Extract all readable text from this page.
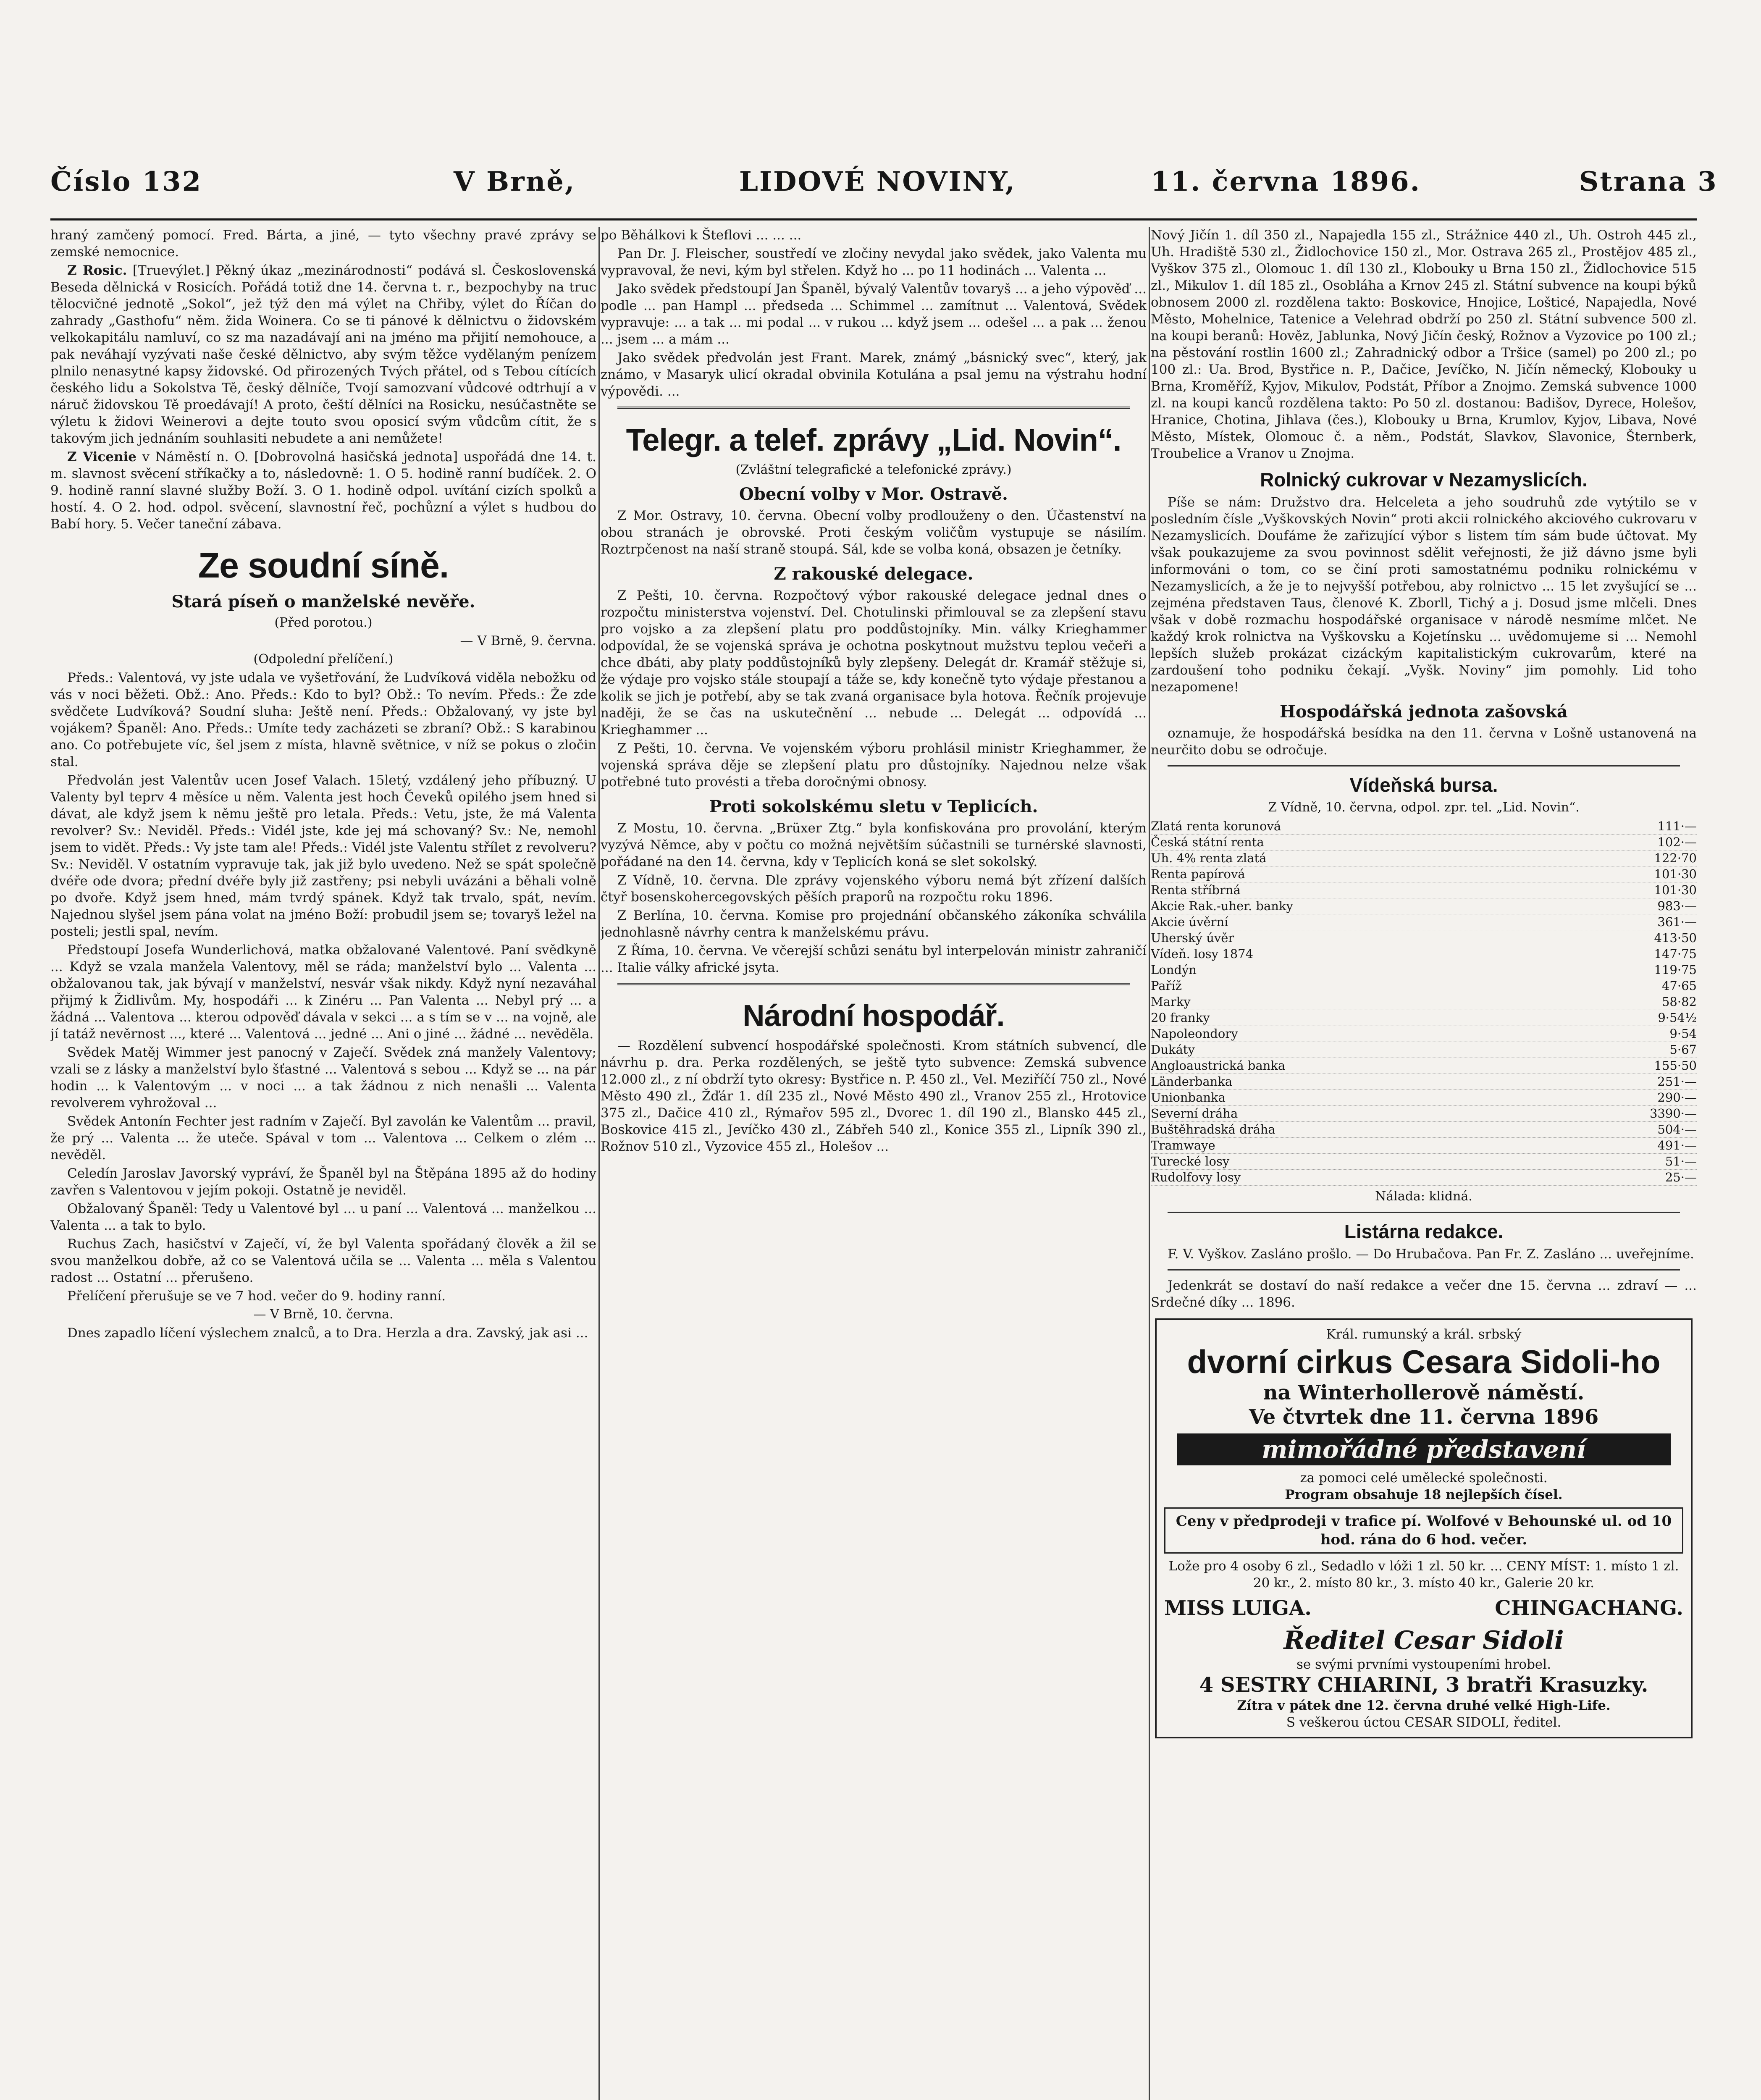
Číslo 132	V Brně,	LIDOVÉ NOVINY,	11. června 1896.	Strana 3

hraný zamčený pomocí. Fred. Bárta, a jiné, — tyto všechny pravé zprávy se zemské nemocnice.

Z Rosic. [Truevýlet.] Pěkný úkaz „mezinárodnosti“ podává sl. Československá Beseda dělnická v Rosicích. Pořádá totiž dne 14. června t. r., bezpochyby na truc tělocvičné jednotě „Sokol“, jež týž den má výlet na Chřiby, výlet do Říčan do zahrady „Gasthofu“ něm. žida Woinera. Co se ti pánové k dělnictvu o židovském velkokapitálu namluví, co sz ma nazadávají ani na jméno ma přijití nemohouce, a pak neváhají vyzývati naše české dělnictvo, aby svým těžce vydělaným penízem plnilo nenasytné kapsy židovské. Od přirozených Tvých přátel, od s Tebou cítících českého lidu a Sokolstva Tě, český dělníče, Tvojí samozvaní vůdcové odtrhují a v náruč židovskou Tě proedávají! A proto, čeští dělníci na Rosicku, nesúčastněte se výletu k židovi Weinerovi a dejte touto svou oposicí svým vůdcům cítit, že s takovým jich jednáním souhlasiti nebudete a ani nemůžete!

Z Vicenie v Náměstí n. O. [Dobrovolná hasičská jednota] uspořádá dne 14. t. m. slavnost svěcení stříkačky a to, následovně: 1. O 5. hodině ranní budíček. 2. O 9. hodině ranní slavné služby Boží. 3. O 1. hodině odpol. uvítání cizích spolků a hostí. 4. O 2. hod. odpol. svěcení, slavnostní řeč, pochůzní a výlet s hudbou do Babí hory. 5. Večer taneční zábava.

Ze soudní síně.
Stará píseň o manželské nevěře.
(Před porotou.)

— V Brně, 9. června.

(Odpolední přelíčení.)

Předs.: Valentová, vy jste udala ve vyšetřování, že Ludvíková viděla nebožku od vás v noci běžeti. Obž.: Ano. Předs.: Kdo to byl? Obž.: To nevím. Předs.: Že zde svědčete Ludvíková? Soudní sluha: Ještě není. Předs.: Obžalovaný, vy jste byl vojákem? Španěl: Ano. Předs.: Umíte tedy zacházeti se zbraní? Obž.: S karabinou ano. Co potřebujete víc, šel jsem z místa, hlavně světnice, v níž se pokus o zločin stal.

Předvolán jest Valentův ucen Josef Valach. 15letý, vzdálený jeho příbuzný. U Valenty byl teprv 4 měsíce u něm. Valenta jest hoch Čeveků opilého jsem hned si dávat, ale když jsem k němu ještě pro letala. Předs.: Vetu, jste, že má Valenta revolver? Sv.: Neviděl. Předs.: Vidél jste, kde jej má schovaný? Sv.: Ne, nemohl jsem to vidět. Předs.: Vy jste tam ale! Předs.: Vidél jste Valentu střílet z revolveru? Sv.: Neviděl. V ostatním vypravuje tak, jak již bylo uvedeno. Než se spát společně dvéře ode dvora; přední dvéře byly již zastřeny; psi nebyli uvázáni a běhali volně po dvoře. Když jsem hned, mám tvrdý spánek. Když tak trvalo, spát, nevím. Najednou slyšel jsem pána volat na jméno Boží: probudil jsem se; tovaryš ležel na posteli; jestli spal, nevím.

Předstoupí Josefa Wunderlichová, matka obžalované Valentové. Paní svědkyně ... Když se vzala manžela Valentovy, měl se ráda; manželství bylo ... Valenta ... obžalovanou tak, jak bývají v manželství, nesvár však nikdy. Když nyní nezaváhal přijmý k Židlivům. My, hospodáři ... k Zinéru ... Pan Valenta ... Nebyl prý ... a žádná ... Valentova ... kterou odpověď dávala v sekci ... a s tím se v ... na vojně, ale jí tatáž nevěrnost ..., které ... Valentová ... jedné ... Ani o jiné ... žádné ... nevěděla.

Svědek Matěj Wimmer jest panocný v Zaječí. Svědek zná manžely Valentovy; vzali se z lásky a manželství bylo šťastné ... Valentová s sebou ... Když se ... na pár hodin ... k Valentovým ... v noci ... a tak žádnou z nich nenašli ... Valenta revolverem vyhrožoval ...

Svědek Antonín Fechter jest radním v Zaječí. Byl zavolán ke Valentům ... pravil, že prý ... Valenta ... že uteče. Spával v tom ... Valentova ... Celkem o zlém ... nevěděl.

Celedín Jaroslav Javorský vypráví, že Španěl byl na Štěpána 1895 až do hodiny zavřen s Valentovou v jejím pokoji. Ostatně je neviděl.

Obžalovaný Španěl: Tedy u Valentové byl ... u paní ... Valentová ... manželkou ... Valenta ... a tak to bylo.

Ruchus Zach, hasičství v Zaječí, ví, že byl Valenta spořádaný člověk a žil se svou manželkou dobře, až co se Valentová učila se ... Valenta ... měla s Valentou radost ... Ostatní ... přerušeno.

Přelíčení přerušuje se ve 7 hod. večer do 9. hodiny ranní.

— V Brně, 10. června.

Dnes zapadlo líčení výslechem znalců, a to Dra. Herzla a dra. Zavský, jak asi ...

po Běhálkovi k Šteflovi ... ... ...

Pan Dr. J. Fleischer, soustředí ve zločiny nevydal jako svědek, jako Valenta mu vypravoval, že nevi, kým byl střelen. Když ho ... po 11 hodinách ... Valenta ...

Jako svědek předstoupí Jan Španěl, bývalý Valentův tovaryš ... a jeho výpověď ... podle ... pan Hampl ... předseda ... Schimmel ... zamítnut ... Valentová, Svědek vypravuje: ... a tak ... mi podal ... v rukou ... když jsem ... odešel ... a pak ... ženou ... jsem ... a mám ...

Jako svědek předvolán jest Frant. Marek, známý „básnický svec“, který, jak známo, v Masaryk ulicí okradal obvinila Kotulána a psal jemu na výstrahu hodní výpovědi. ...

Telegr. a telef. zprávy „Lid. Novin“.
(Zvláštní telegrafické a telefonické zprávy.)
Obecní volby v Mor. Ostravě.

Z Mor. Ostravy, 10. června. Obecní volby prodlouženy o den. Účastenství na obou stranách je obrovské. Proti českým voličům vystupuje se násilím. Roztrpčenost na naší straně stoupá. Sál, kde se volba koná, obsazen je četníky.

Z rakouské delegace.

Z Pešti, 10. června. Rozpočtový výbor rakouské delegace jednal dnes o rozpočtu ministerstva vojenství. Del. Chotulinski přimlouval se za zlepšení stavu pro vojsko a za zlepšení platu pro poddůstojníky. Min. války Krieghammer odpovídal, že se vojenská správa je ochotna poskytnout mužstvu teplou večeři a chce dbáti, aby platy poddůstojníků byly zlepšeny. Delegát dr. Kramář stěžuje si, že výdaje pro vojsko stále stoupají a táže se, kdy konečně tyto výdaje přestanou a kolik se jich je potřebí, aby se tak zvaná organisace byla hotova. Řečník projevuje naději, že se čas na uskutečnění ... nebude ... Delegát ... odpovídá ... Krieghammer ...

Z Pešti, 10. června. Ve vojenském výboru prohlásil ministr Krieghammer, že vojenská správa děje se zlepšení platu pro důstojníky. Najednou nelze však potřebné tuto provésti a třeba doročnými obnosy.

Proti sokolskému sletu v Teplicích.

Z Mostu, 10. června. „Brüxer Ztg.“ byla konfiskována pro provolání, kterým vyzývá Němce, aby v počtu co možná největším súčastnili se turnérské slavnosti, pořádané na den 14. června, kdy v Teplicích koná se slet sokolský.

Z Vídně, 10. června. Dle zprávy vojenského výboru nemá být zřízení dalších čtyř bosenskohercegovských pěších praporů na rozpočtu roku 1896.

Z Berlína, 10. června. Komise pro projednání občanského zákoníka schválila jednohlasně návrhy centra k manželskému právu.

Z Říma, 10. června. Ve včerejší schůzi senátu byl interpelován ministr zahraničí ... Italie války africké jsyta.

Národní hospodář.

— Rozdělení subvencí hospodářské společnosti. Krom státních subvencí, dle návrhu p. dra. Perka rozdělených, se ještě tyto subvence: Zemská subvence 12.000 zl., z ní obdrží tyto okresy: Bystřice n. P. 450 zl., Vel. Meziříčí 750 zl., Nové Město 490 zl., Žďár 1. díl 235 zl., Nové Město 490 zl., Vranov 255 zl., Hrotovice 375 zl., Dačice 410 zl., Rýmařov 595 zl., Dvorec 1. díl 190 zl., Blansko 445 zl., Boskovice 415 zl., Jevíčko 430 zl., Zábřeh 540 zl., Konice 355 zl., Lipník 390 zl., Rožnov 510 zl., Vyzovice 455 zl., Holešov ...

Nový Jičín 1. díl 350 zl., Napajedla 155 zl., Strážnice 440 zl., Uh. Ostroh 445 zl., Uh. Hradiště 530 zl., Židlochovice 150 zl., Mor. Ostrava 265 zl., Prostějov 485 zl., Vyškov 375 zl., Olomouc 1. díl 130 zl., Klobouky u Brna 150 zl., Židlochovice 515 zl., Mikulov 1. díl 185 zl., Osobláha a Krnov 245 zl. Státní subvence na koupi býků obnosem 2000 zl. rozdělena takto: Boskovice, Hnojice, Lošticé, Napajedla, Nové Město, Mohelnice, Tatenice a Velehrad obdrží po 250 zl. Státní subvence 500 zl. na koupi beranů: Hověz, Jablunka, Nový Jičín český, Rožnov a Vyzovice po 100 zl.; na pěstování rostlin 1600 zl.; Zahradnický odbor a Tršice (samel) po 200 zl.; po 100 zl.: Ua. Brod, Bystřice n. P., Dačice, Jevíčko, N. Jičín německý, Klobouky u Brna, Kroměříž, Kyjov, Mikulov, Podstát, Příbor a Znojmo. Zemská subvence 1000 zl. na koupi kanců rozdělena takto: Po 50 zl. dostanou: Badišov, Dyrece, Holešov, Hranice, Chotina, Jihlava (čes.), Klobouky u Brna, Krumlov, Kyjov, Libava, Nové Město, Místek, Olomouc č. a něm., Podstát, Slavkov, Slavonice, Šternberk, Troubelice a Vranov u Znojma.

Rolnický cukrovar v Nezamyslicích.

Píše se nám: Družstvo dra. Helceleta a jeho soudruhů zde vytýtilo se v posledním čísle „Vyškovských Novin“ proti akcii rolnického akciového cukrovaru v Nezamyslicích. Doufáme že zařizující výbor s listem tím sám bude účtovat. My však poukazujeme za svou povinnost sdělit veřejnosti, že již dávno jsme byli informováni o tom, co se činí proti samostatnému podniku rolnickému v Nezamyslicích, a že je to nejvyšší potřebou, aby rolnictvo ... 15 let zvyšující se ... zejména představen Taus, členové K. Zborll, Tichý a j. Dosud jsme mlčeli. Dnes však v době rozmachu hospodářské organisace v národě nesmíme mlčet. Ne každý krok rolnictva na Vyškovsku a Kojetínsku ... uvědomujeme si ... Nemohl lepších služeb prokázat cizáckým kapitalistickým cukrovarům, které na zardoušení toho podniku čekají. „Vyšk. Noviny“ jim pomohly. Lid toho nezapomene!

Hospodářská jednota zašovská

oznamuje, že hospodářská besídka na den 11. června v Lošně ustanovená na neurčito dobu se odročuje.

Vídeňská bursa.

Z Vídně, 10. června, odpol. zpr. tel. „Lid. Novin“.

Zlatá renta korunová	111·—
Česká státní renta	102·—
Uh. 4% renta zlatá	122·70
Renta papírová	101·30
Renta stříbrná	101·30
Akcie Rak.-uher. banky	983·—
Akcie úvěrní	361·—
Uherský úvěr	413·50
Vídeň. losy 1874	147·75
Londýn	119·75
Paříž	47·65
Marky	58·82
20 franky	9·54½
Napoleondory	9·54
Dukáty	5·67
Angloaustrická banka	155·50
Länderbanka	251·—
Unionbanka	290·—
Severní dráha	3390·—
Buštěhradská dráha	504·—
Tramwaye	491·—
Turecké losy	51·—
Rudolfovy losy	25·—

Nálada: klidná.

Listárna redakce.

F. V. Vyškov. Zasláno prošlo. — Do Hrubačova. Pan Fr. Z. Zasláno ... uveřejníme.

Jedenkrát se dostaví do naší redakce a večer dne 15. června ... zdraví — ... Srdečné díky ... 1896.

Král. rumunský a král. srbský
dvorní cirkus Cesara Sidoli-ho
na Winterhollerově náměstí.
Ve čtvrtek dne 11. června 1896
mimořádné představení
za pomoci celé umělecké společnosti.
Program obsahuje 18 nejlepších čísel.
Ceny v předprodeji v trafice pí. Wolfové v Behounské ul. od 10 hod. rána do 6 hod. večer.
Lože pro 4 osoby 6 zl., Sedadlo v lóži 1 zl. 50 kr. ... CENY MÍST: 1. místo 1 zl. 20 kr., 2. místo 80 kr., 3. místo 40 kr., Galerie 20 kr.
MISS LUIGA.	CHINGACHANG.
Ředitel Cesar Sidoli
se svými prvními vystoupeními hrobel.
4 SESTRY CHIARINI, 3 bratři Krasuzky.
Zítra v pátek dne 12. června druhé velké High-Life.
S veškerou úctou CESAR SIDOLI, ředitel.
